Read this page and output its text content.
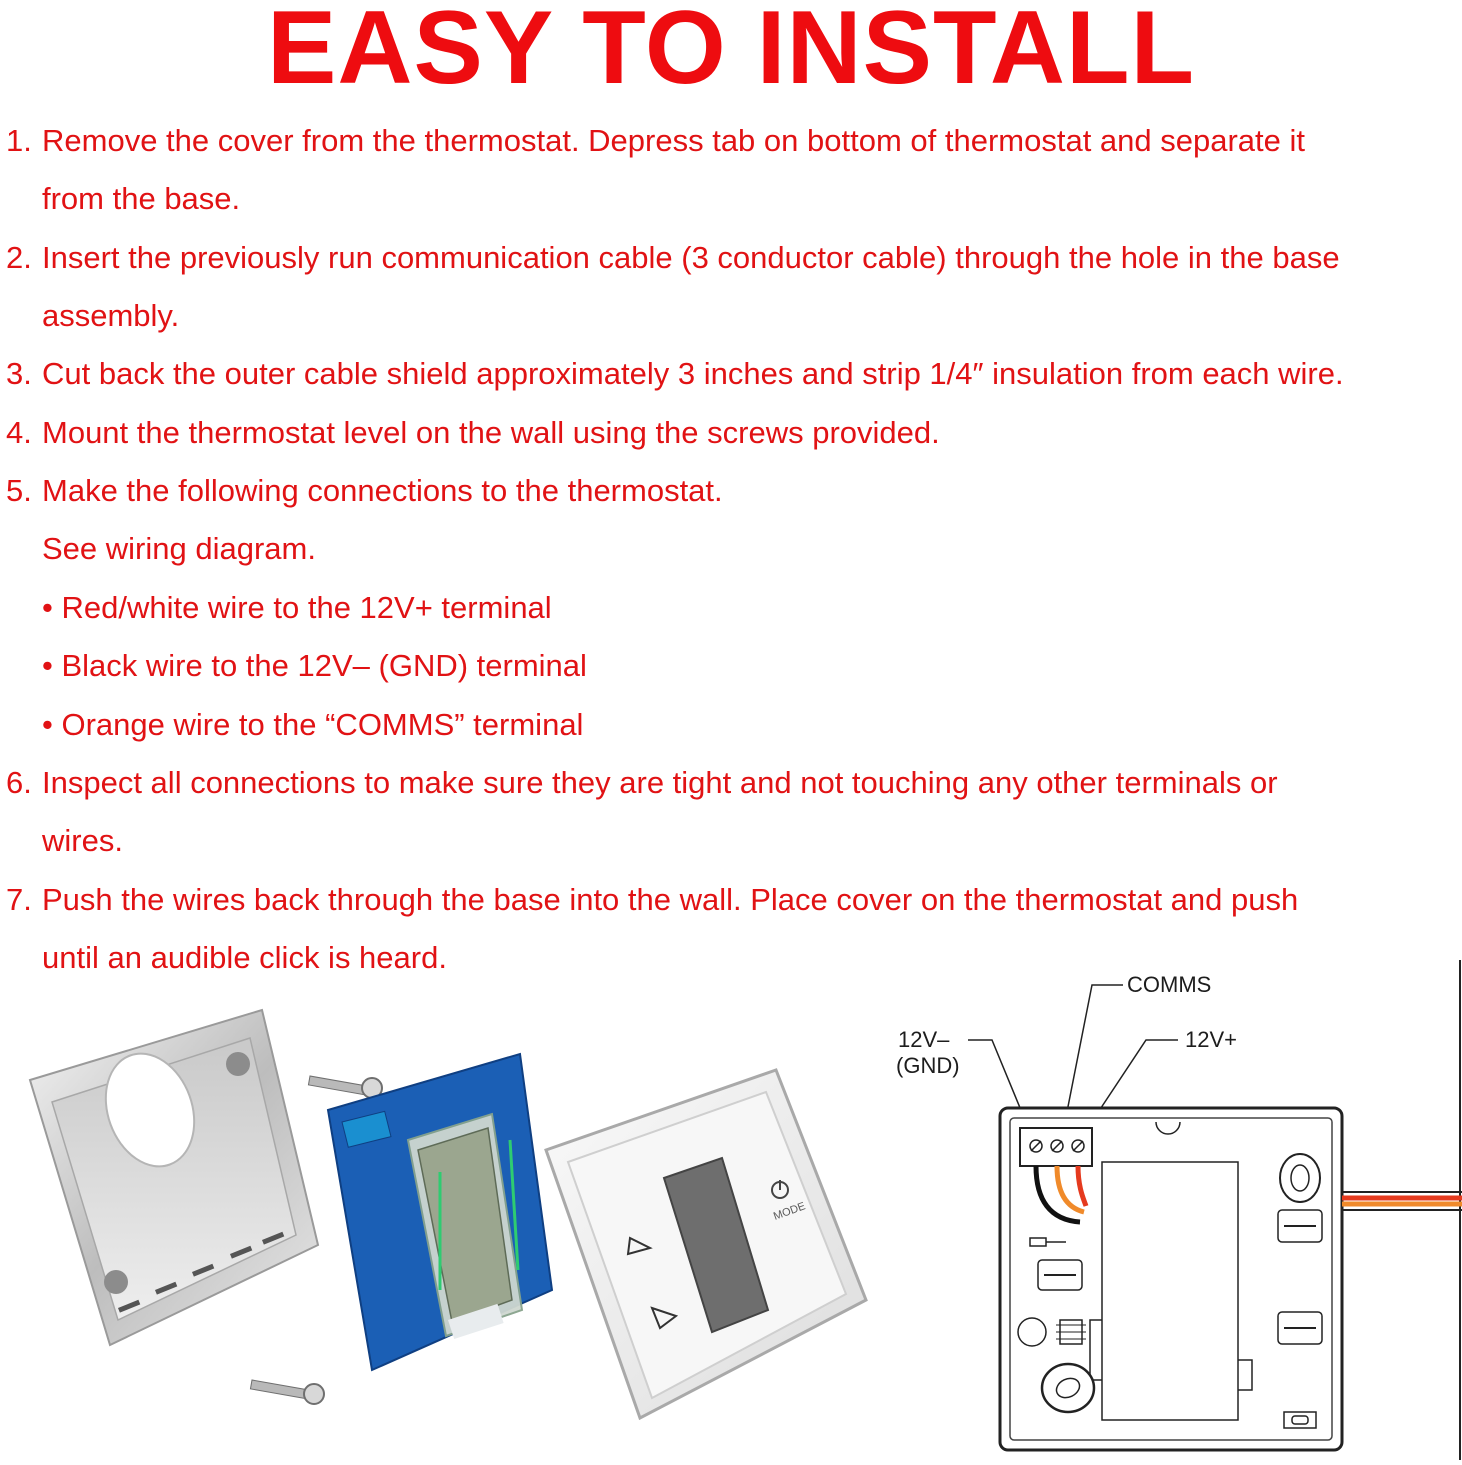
EASY TO INSTALL
1. Remove the cover from the thermostat. Depress tab on bottom of thermostat and separate it
from the base.
2. Insert the previously run communication cable (3 conductor cable) through the hole in the base
assembly.
3. Cut back the outer cable shield approximately 3 inches and strip 1/4″ insulation from each wire.
4. Mount the thermostat level on the wall using the screws provided.
5. Make the following connections to the thermostat.
See wiring diagram.
• Red/white wire to the 12V+ terminal
• Black wire to the 12V– (GND) terminal
• Orange wire to the “COMMS” terminal
6. Inspect all connections to make sure they are tight and not touching any other terminals or
wires.
7. Push the wires back through the base into the wall. Place cover on the thermostat and push
until an audible click is heard.
MODE
COMMS
12V+
12V–
(GND)
